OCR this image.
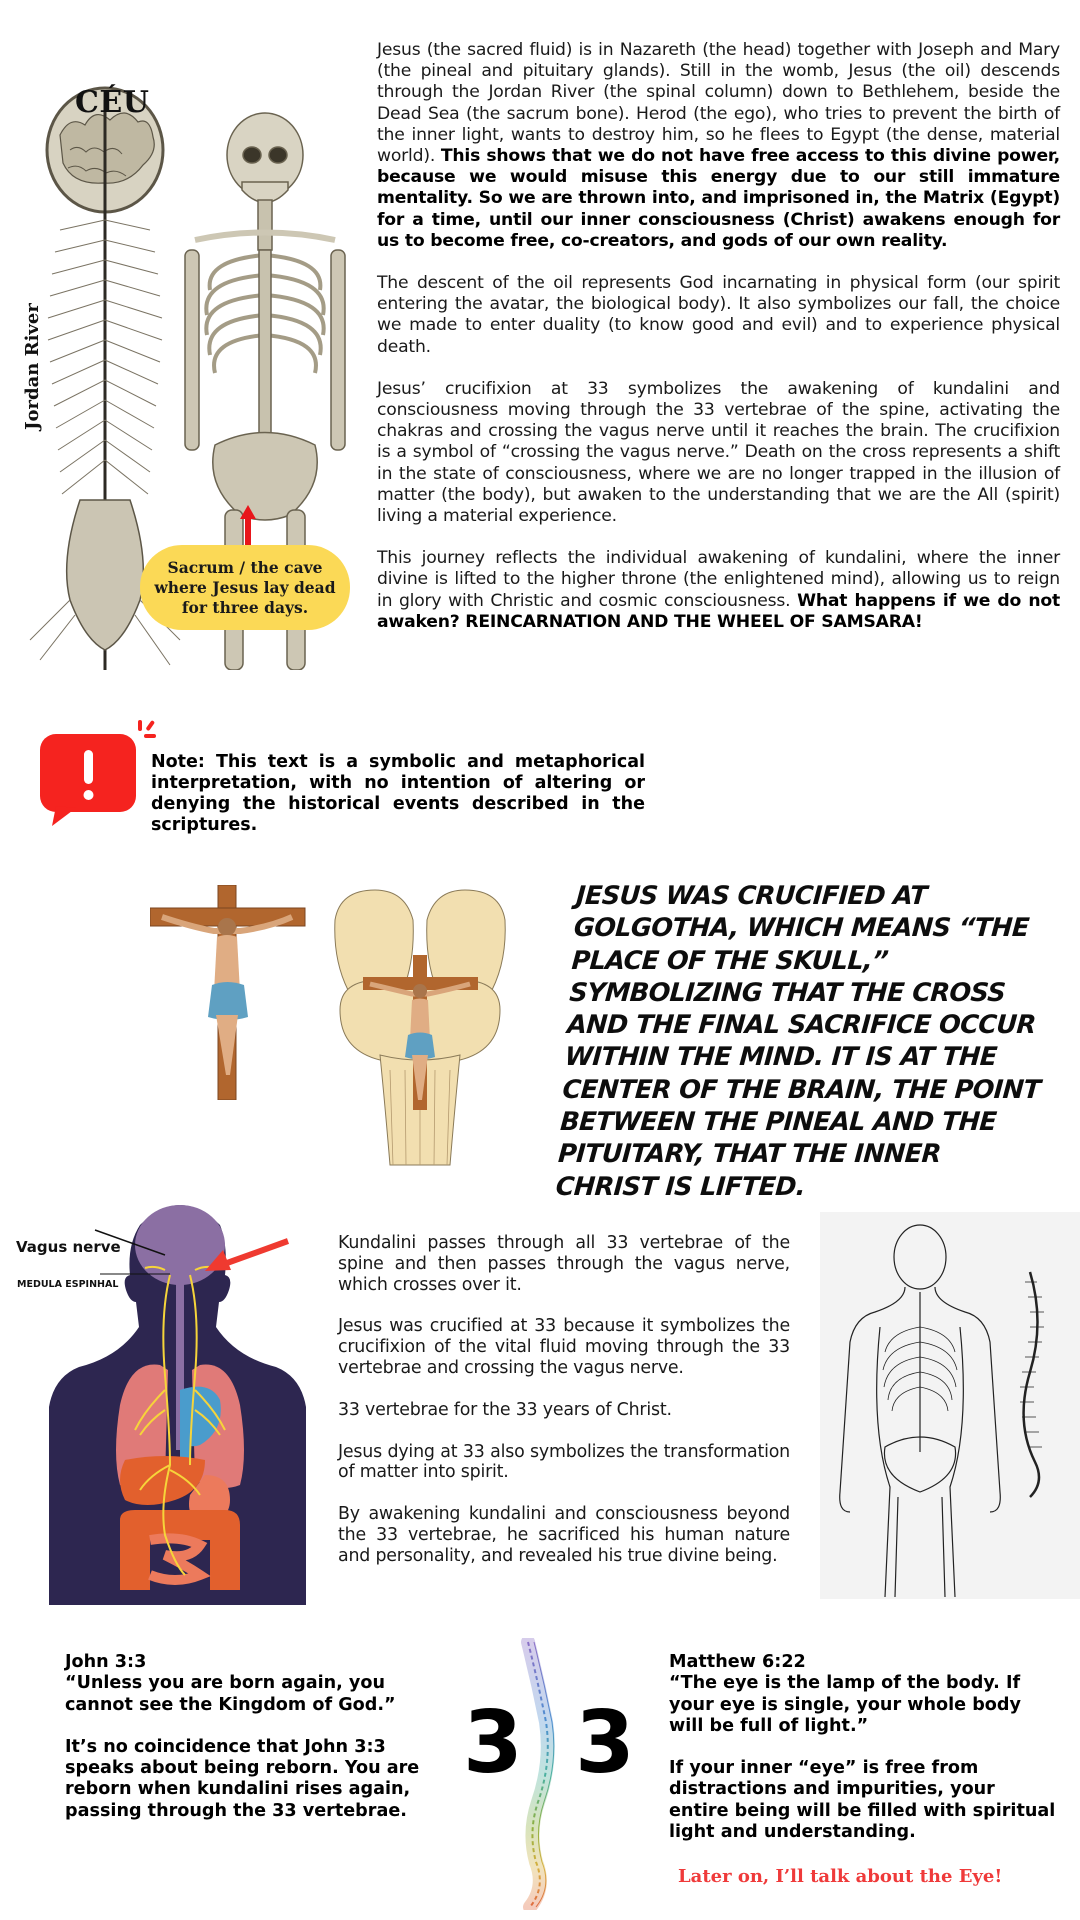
CÉU
Jordan River
Sacrum / the cave where Jesus lay dead for three days.

Jesus (the sacred fluid) is in Nazareth (the head) together with Joseph and Mary (the pineal and pituitary glands). Still in the womb, Jesus (the oil) descends through the Jordan River (the spinal column) down to Bethlehem, beside the Dead Sea (the sacrum bone). Herod (the ego), who tries to prevent the birth of the inner light, wants to destroy him, so he flees to Egypt (the dense, material world). This shows that we do not have free access to this divine power, because we would misuse this energy due to our still immature mentality. So we are thrown into, and imprisoned in, the Matrix (Egypt) for a time, until our inner consciousness (Christ) awakens enough for us to become free, co-creators, and gods of our own reality.

The descent of the oil represents God incarnating in physical form (our spirit entering the avatar, the biological body). It also symbolizes our fall, the choice we made to enter duality (to know good and evil) and to experience physical death.

Jesus’ crucifixion at 33 symbolizes the awakening of kundalini and consciousness moving through the 33 vertebrae of the spine, activating the chakras and crossing the vagus nerve until it reaches the brain. The crucifixion is a symbol of “crossing the vagus nerve.” Death on the cross represents a shift in the state of consciousness, where we are no longer trapped in the illusion of matter (the body), but awaken to the understanding that we are the All (spirit) living a material experience.

This journey reflects the individual awakening of kundalini, where the inner divine is lifted to the higher throne (the enlightened mind), allowing us to reign in glory with Christic and cosmic consciousness. What happens if we do not awaken? REINCARNATION AND THE WHEEL OF SAMSARA!

Note: This text is a symbolic and metaphorical interpretation, with no intention of altering or denying the historical events described in the scriptures.
JESUS WAS CRUCIFIED AT GOLGOTHA, WHICH MEANS “THE PLACE OF THE SKULL,” SYMBOLIZING THAT THE CROSS AND THE FINAL SACRIFICE OCCUR WITHIN THE MIND. IT IS AT THE CENTER OF THE BRAIN, THE POINT BETWEEN THE PINEAL AND THE PITUITARY, THAT THE INNER CHRIST IS LIFTED.
Vagus nerve
MEDULA ESPINHAL

Kundalini passes through all 33 vertebrae of the spine and then passes through the vagus nerve, which crosses over it.

Jesus was crucified at 33 because it symbolizes the crucifixion of the vital fluid moving through the 33 vertebrae and crossing the vagus nerve.

33 vertebrae for the 33 years of Christ.

Jesus dying at 33 also symbolizes the transformation of matter into spirit.

By awakening kundalini and consciousness beyond the 33 vertebrae, he sacrificed his human nature and personality, and revealed his true divine being.

John 3:3
“Unless you are born again, you cannot see the Kingdom of God.”

It’s no coincidence that John 3:3 speaks about being reborn. You are reborn when kundalini rises again, passing through the 33 vertebrae.

3 3

Matthew 6:22
“The eye is the lamp of the body. If your eye is single, your whole body will be full of light.”

If your inner “eye” is free from distractions and impurities, your entire being will be filled with spiritual light and understanding.

Later on, I’ll talk about the Eye!
